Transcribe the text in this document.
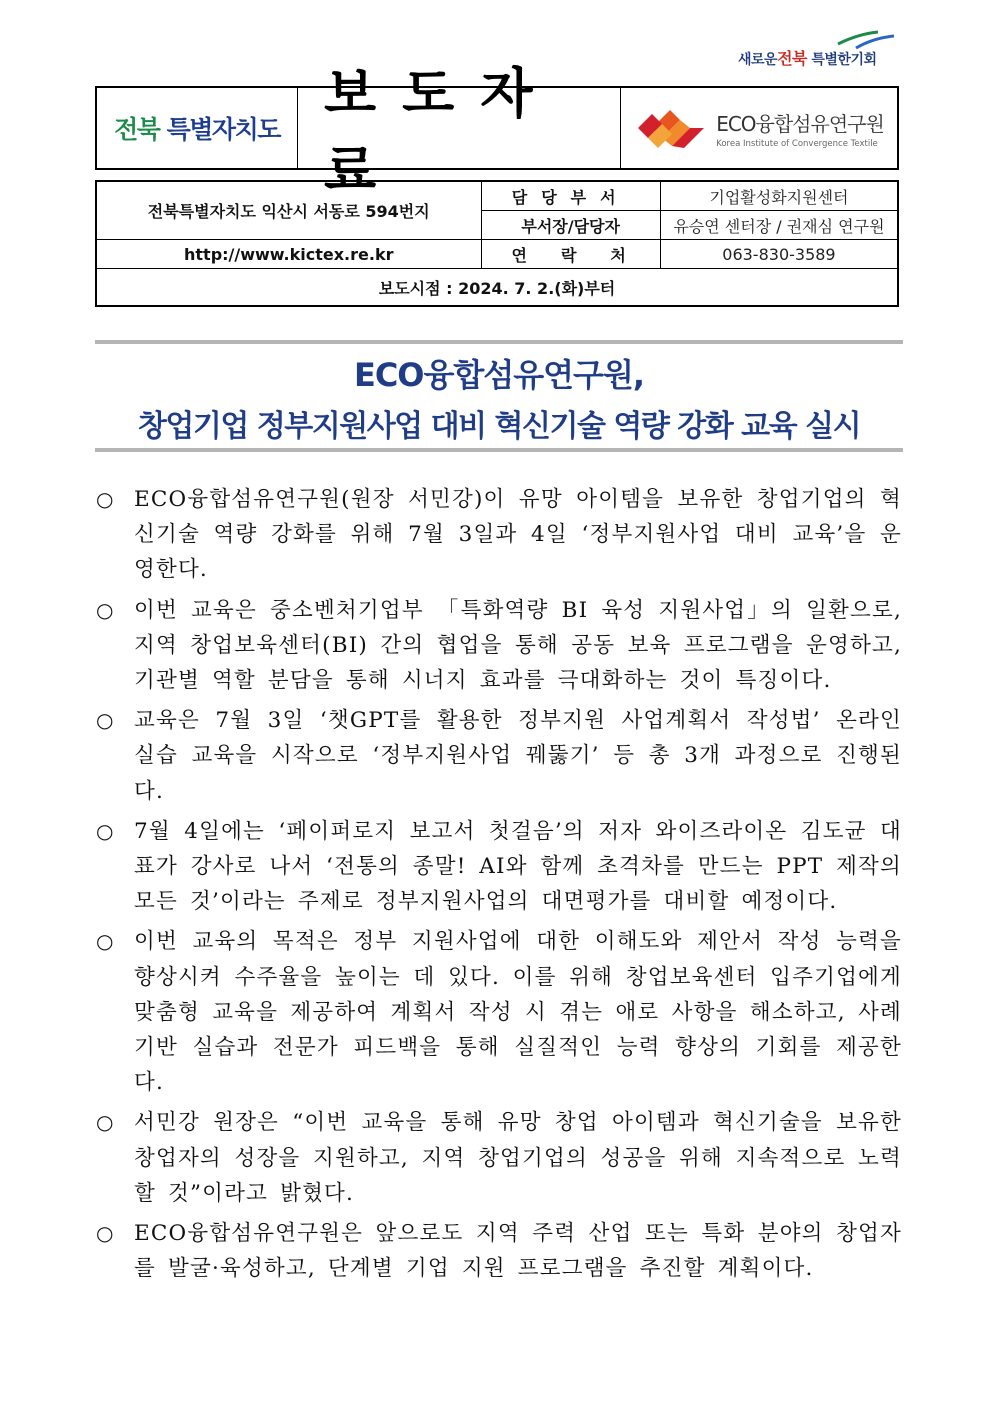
새로운전북 특별한기회
전북 특별자치도
보도자료
ECO융합섬유연구원
Korea Institute of Convergence Textile
전북특별자치도 익산시 서동로 594번지	담당부서	기업활성화지원센터
	부서장/담당자	유승연 센터장 / 권재심 연구원
http://www.kictex.re.kr	연락처	063-830-3589
보도시점 : 2024. 7. 2.(화)부터		
ECO융합섬유연구원,
창업기업 정부지원사업 대비 혁신기술 역량 강화 교육 실시
○ ECO융합섬유연구원(원장 서민강)이 유망 아이템을 보유한 창업기업의 혁신기술 역량 강화를 위해 7월 3일과 4일 ‘정부지원사업 대비 교육’을 운영한다.
○ 이번 교육은 중소벤처기업부 「특화역량 BI 육성 지원사업」의 일환으로, 지역 창업보육센터(BI) 간의 협업을 통해 공동 보육 프로그램을 운영하고, 기관별 역할 분담을 통해 시너지 효과를 극대화하는 것이 특징이다.
○ 교육은 7월 3일 ‘챗GPT를 활용한 정부지원 사업계획서 작성법’ 온라인 실습 교육을 시작으로 ‘정부지원사업 꿰뚫기’ 등 총 3개 과정으로 진행된다.
○ 7월 4일에는 ‘페이퍼로지 보고서 첫걸음’의 저자 와이즈라이온 김도균 대표가 강사로 나서 ‘전통의 종말! AI와 함께 초격차를 만드는 PPT 제작의 모든 것’이라는 주제로 정부지원사업의 대면평가를 대비할 예정이다.
○ 이번 교육의 목적은 정부 지원사업에 대한 이해도와 제안서 작성 능력을 향상시켜 수주율을 높이는 데 있다. 이를 위해 창업보육센터 입주기업에게 맞춤형 교육을 제공하여 계획서 작성 시 겪는 애로 사항을 해소하고, 사례 기반 실습과 전문가 피드백을 통해 실질적인 능력 향상의 기회를 제공한다.
○ 서민강 원장은 “이번 교육을 통해 유망 창업 아이템과 혁신기술을 보유한 창업자의 성장을 지원하고, 지역 창업기업의 성공을 위해 지속적으로 노력할 것”이라고 밝혔다.
○ ECO융합섬유연구원은 앞으로도 지역 주력 산업 또는 특화 분야의 창업자를 발굴·육성하고, 단계별 기업 지원 프로그램을 추진할 계획이다.
